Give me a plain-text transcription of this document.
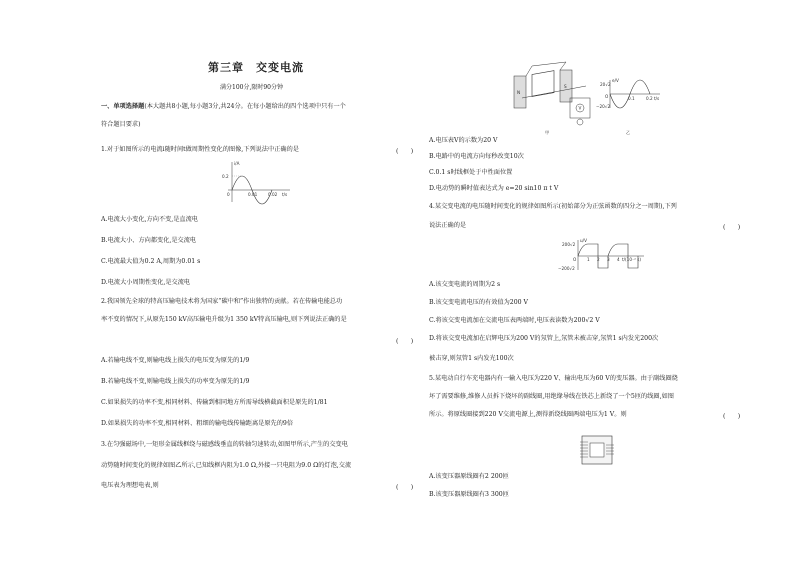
第三章　交变电流
满分100分,限时90分钟
一、单项选择题(本大题共8小题,每小题3分,共24分。在每小题给出的四个选项中只有一个
符合题目要求)
1.对于如图所示的电流i随时间t做周期性变化的图像,下列说法中正确的是	(　　)
i/A
0.2
0	0.01	0.02 t/s
A.电流大小变化,方向不变,是直流电
B.电流大小、方向都变化,是交流电
C.电流最大值为0.2 A,周期为0.01 s
D.电流大小周期性变化,是交流电
2.我国领先全球的特高压输电技术将为国家“碳中和”作出独特的贡献。若在传输电能总功
率不变的情况下,从原先150 kV高压输电升级为1 350 kV特高压输电,则下列说法正确的是
(　　)
A.若输电线不变,则输电线上损失的电压变为原先的1/9
B.若输电线不变,则输电线上损失的功率变为原先的1/9
C.如果损失的功率不变,相同材料、传输到相同地方所需导线横截面积是原先的1/81
D.如果损失的功率不变,相同材料、粗细的输电线传输距离是原先的9倍
3.在匀强磁场中,一矩形金属线框绕与磁感线垂直的转轴匀速转动,如图甲所示,产生的交变电
动势随时间变化的规律如图乙所示,已知线框内阻为1.0 Ω,外接一只电阻为9.0 Ω的灯泡,交流
电压表为理想电表,则	(　　)
N
S
V
甲
e/V
20√2
−20√2
O	0.1	0.2 t/s
乙
A.电压表V的示数为20 V
B.电路中的电流方向每秒改变10次
C.0.1 s时线框处于中性面位置
D.电动势的瞬时值表达式为 e=20 sin10 π t V
4.某交变电流的电压随时间变化的规律如图所示(初始部分为正弦函数的四分之一周期),下列
说法正确的是	(　　)
u/V
200√2
−200√2
O	1 2 3 4 t/(10⁻² s)
A.该交变电流的周期为2 s
B.该交变电流电压的有效值为200 V
C.将该交变电流加在交流电压表两端时,电压表读数为200√2 V
D.将该交变电流加在启辉电压为200 V的氖管上,氖管未被击穿,氖管1 s内发光200次
被击穿,则氖管1 s内发光100次
5.某电动自行车充电器内有一输入电压为220 V、输出电压为60 V的变压器。由于副线圈烧
坏了需要维修,维修人员拆下烧坏的副线圈,用绝缘导线在铁芯上新绕了一个5匝的线圈,如图
所示。将原线圈接到220 V交流电源上,测得新绕线圈两端电压为1 V。则	(　　)
A.该变压器原线圈有2 200匝
B.该变压器原线圈有3 300匝
